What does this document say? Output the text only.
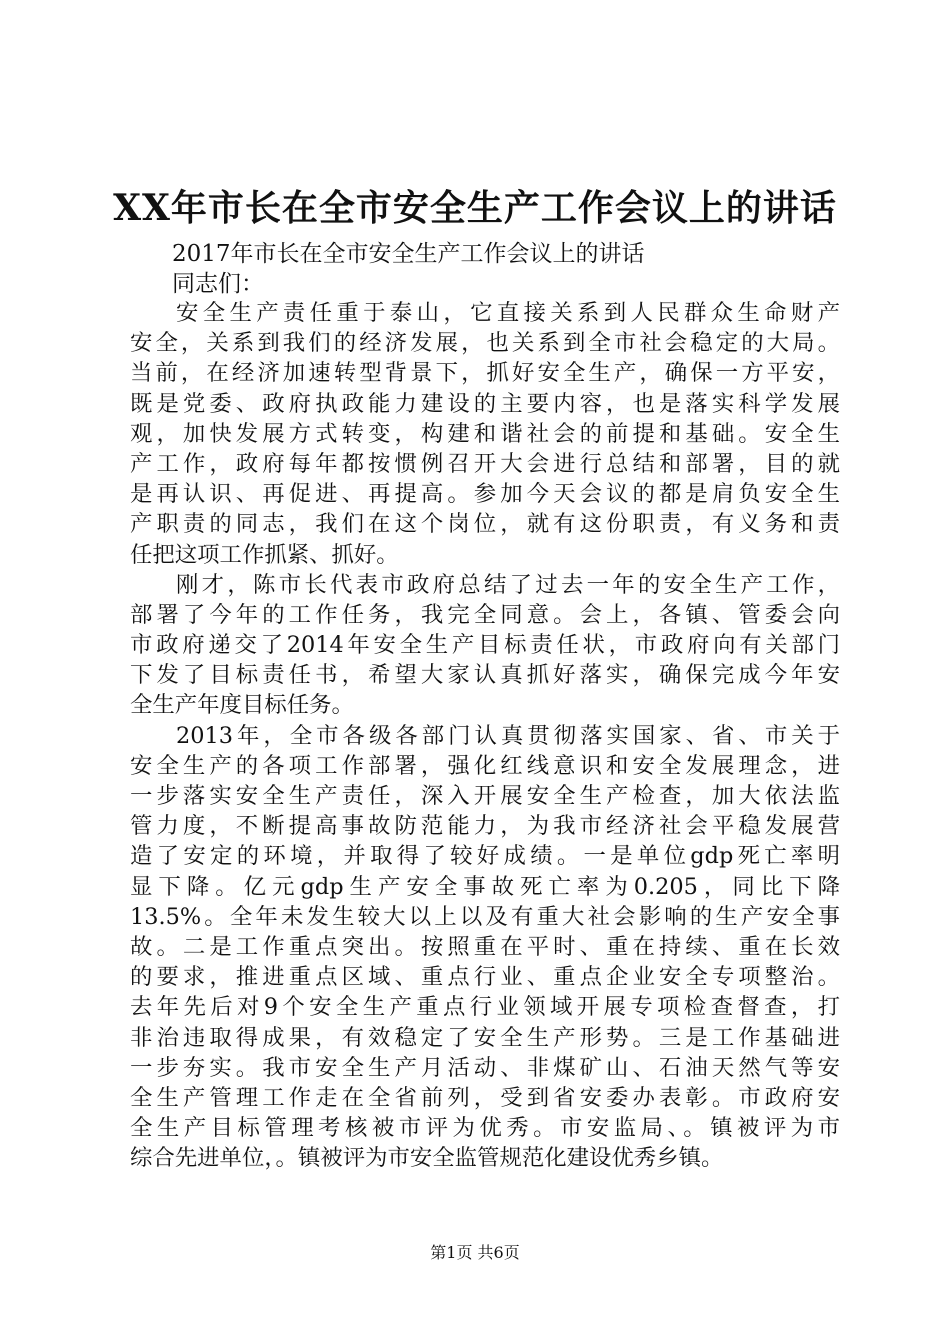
XX年市长在全市安全生产工作会议上的讲话
2017年市长在全市安全生产工作会议上的讲话
同志们：
安全生产责任重于泰山，它直接关系到人民群众生命财产
安全，关系到我们的经济发展，也关系到全市社会稳定的大局。
当前，在经济加速转型背景下，抓好安全生产，确保一方平安，
既是党委、政府执政能力建设的主要内容，也是落实科学发展
观，加快发展方式转变，构建和谐社会的前提和基础。安全生
产工作，政府每年都按惯例召开大会进行总结和部署，目的就
是再认识、再促进、再提高。参加今天会议的都是肩负安全生
产职责的同志，我们在这个岗位，就有这份职责，有义务和责
任把这项工作抓紧、抓好。
刚才，陈市长代表市政府总结了过去一年的安全生产工作，
部署了今年的工作任务，我完全同意。会上，各镇、管委会向
市政府递交了2014年安全生产目标责任状，市政府向有关部门
下发了目标责任书，希望大家认真抓好落实，确保完成今年安
全生产年度目标任务。
2013年，全市各级各部门认真贯彻落实国家、省、市关于
安全生产的各项工作部署，强化红线意识和安全发展理念，进
一步落实安全生产责任，深入开展安全生产检查，加大依法监
管力度，不断提高事故防范能力，为我市经济社会平稳发展营
造了安定的环境，并取得了较好成绩。一是单位gdp死亡率明
显下降。亿元gdp生产安全事故死亡率为0.205，同比下降
13.5%。全年未发生较大以上以及有重大社会影响的生产安全事
故。二是工作重点突出。按照重在平时、重在持续、重在长效
的要求，推进重点区域、重点行业、重点企业安全专项整治。
去年先后对9个安全生产重点行业领域开展专项检查督查，打
非治违取得成果，有效稳定了安全生产形势。三是工作基础进
一步夯实。我市安全生产月活动、非煤矿山、石油天然气等安
全生产管理工作走在全省前列，受到省安委办表彰。市政府安
全生产目标管理考核被市评为优秀。市安监局、。镇被评为市
综合先进单位，。镇被评为市安全监管规范化建设优秀乡镇。
第1页 共6页
